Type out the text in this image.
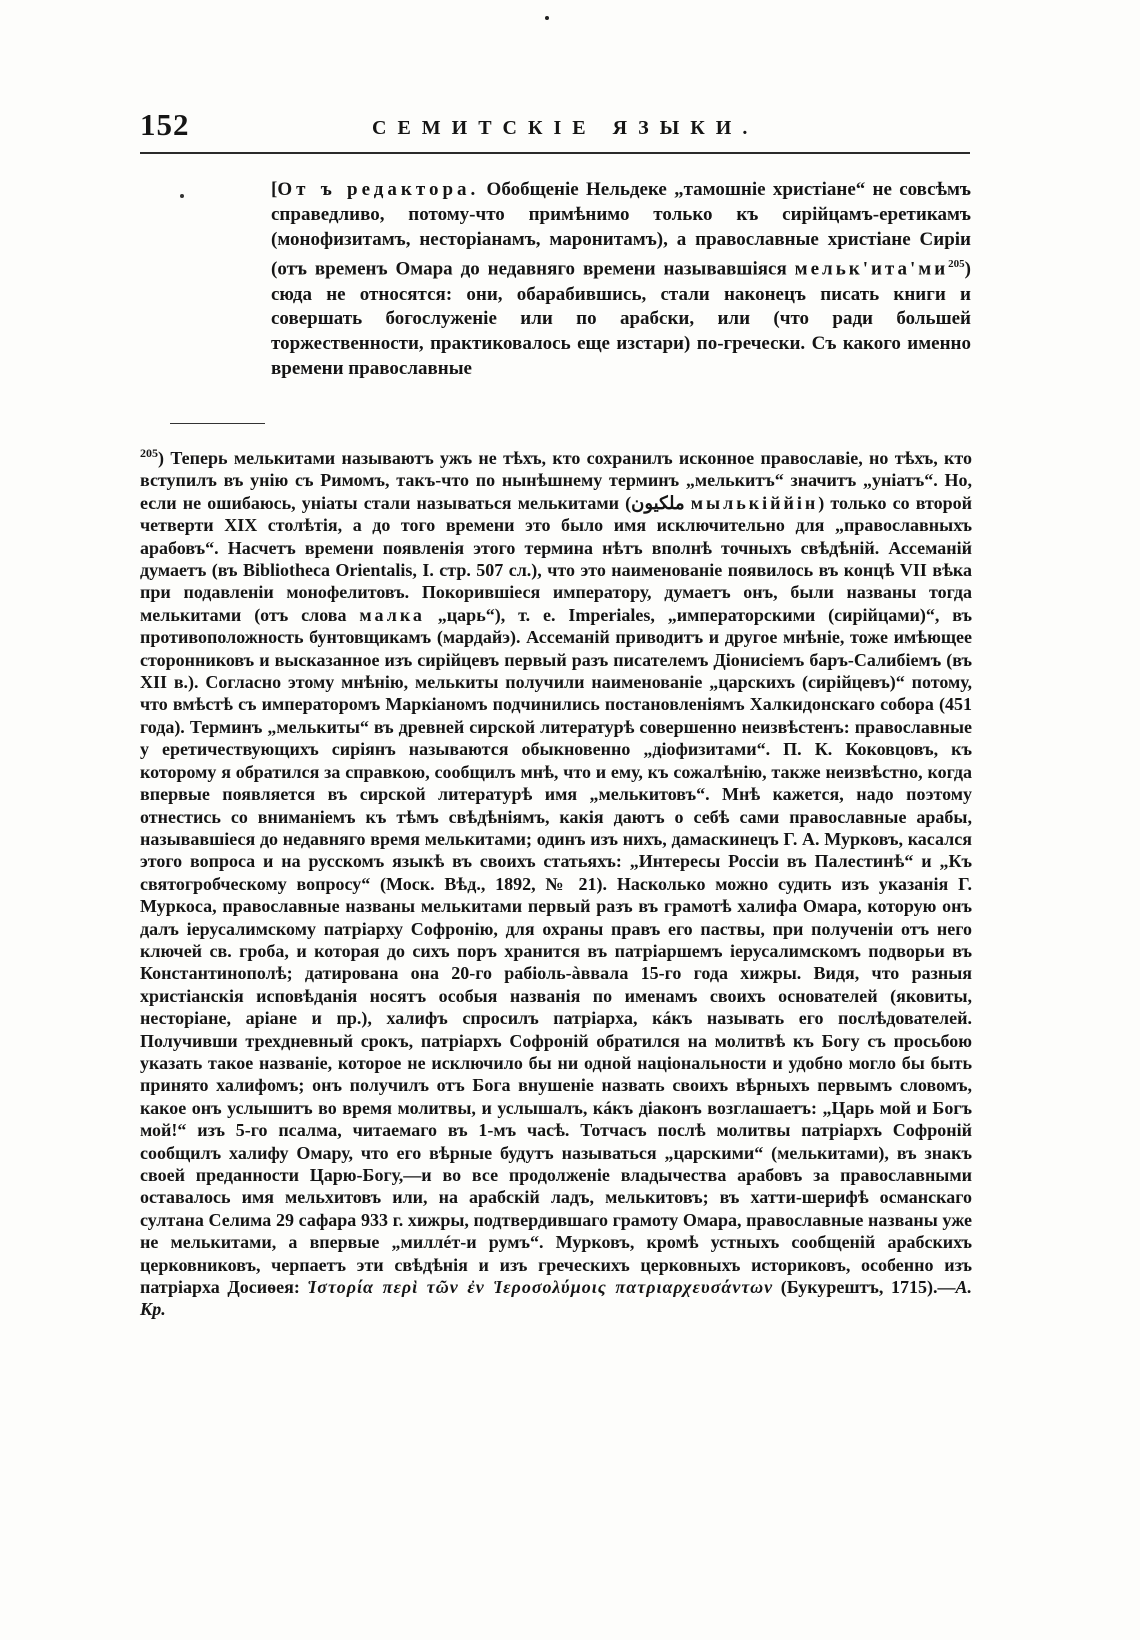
152	СЕМИТСКІЕ ЯЗЫКИ.

[От ъ редактора. Обобщеніе Нельдеке „тамошніе христіане“ не совсѣмъ справедливо, потому-что примѣнимо только къ сирійцамъ-еретикамъ (монофизитамъ, несторіанамъ, маронитамъ), а православные христіане Сиріи (отъ временъ Омара до недавняго времени называвшіяся мельк'ита'ми$^{205}$) сюда не относятся: они, обарабившись, стали наконецъ писать книги и совершать богослуженіе или по арабски, или (что ради большей торжественности, практиковалось еще изстари) по-гречески. Съ какого именно времени православные

$^{205}$) Теперь мелькитами называютъ ужъ не тѣхъ, кто сохранилъ исконное православіе, но тѣхъ, кто вступилъ въ унію съ Римомъ, такъ-что по нынѣшнему терминъ „мелькитъ“ значитъ „уніатъ“. Но, если не ошибаюсь, уніаты стали называться мелькитами (ملكيون мылькіййін) только со второй четверти XIX столѣтія, а до того времени это было имя исключительно для „православныхъ арабовъ“. Насчетъ времени появленія этого термина нѣтъ вполнѣ точныхъ свѣдѣній. Ассеманій думаетъ (въ Bibliotheca Orientalis, I. стр. 507 сл.), что это наименованіе появилось въ концѣ VII вѣка при подавленіи монофелитовъ. Покорившіеся императору, думаетъ онъ, были названы тогда мелькитами (отъ слова малка „царь“), т. е. Imperiales, „императорскими (сирійцами)“, въ противоположность бунтовщикамъ (мардайэ). Ассеманій приводитъ и другое мнѣніе, тоже имѣющее сторонниковъ и высказанное изъ сирійцевъ первый разъ писателемъ Діонисіемъ баръ-Салибіемъ (въ XII в.). Согласно этому мнѣнію, мелькиты получили наименованіе „царскихъ (сирійцевъ)“ потому, что вмѣстѣ съ императоромъ Маркіаномъ подчинились постановленіямъ Халкидонскаго собора (451 года). Терминъ „мелькиты“ въ древней сирской литературѣ совершенно неизвѣстенъ: православные у еретичествующихъ сиріянъ называются обыкновенно „діофизитами“. П. К. Коковцовъ, къ которому я обратился за справкою, сообщилъ мнѣ, что и ему, къ сожалѣнію, также неизвѣстно, когда впервые появляется въ сирской литературѣ имя „мелькитовъ“. Мнѣ кажется, надо поэтому отнестись со вниманіемъ къ тѣмъ свѣдѣніямъ, какія даютъ о себѣ сами православные арабы, называвшіеся до недавняго время мелькитами; одинъ изъ нихъ, дамаскинецъ Г. А. Мурковъ, касался этого вопроса и на русскомъ языкѣ въ своихъ статьяхъ: „Интересы Россіи въ Палестинѣ“ и „Къ святогробческому вопросу“ (Моск. Вѣд., 1892, № 21). Насколько можно судить изъ указанія Г. Муркоса, православные названы мелькитами первый разъ въ грамотѣ халифа Омара, которую онъ далъ іерусалимскому патріарху Софронію, для охраны правъ его паствы, при полученіи отъ него ключей св. гроба, и которая до сихъ поръ хранится въ патріаршемъ іерусалимскомъ подворьи въ Константинополѣ; датирована она 20-го рабіоль-àввала 15-го года хижры. Видя, что разныя христіанскія исповѣданія носятъ особыя названія по именамъ своихъ основателей (яковиты, несторіане, аріане и пр.), халифъ спросилъ патріарха, кáкъ называть его послѣдователей. Получивши трехдневный срокъ, патріархъ Софроній обратился на молитвѣ къ Богу съ просьбою указать такое названіе, которое не исключило бы ни одной національности и удобно могло бы быть принято халифомъ; онъ получилъ отъ Бога внушеніе назвать своихъ вѣрныхъ первымъ словомъ, какое онъ услышитъ во время молитвы, и услышалъ, кáкъ діаконъ возглашаетъ: „Царь мой и Богъ мой!“ изъ 5-го псалма, читаемаго въ 1-мъ часѣ. Тотчасъ послѣ молитвы патріархъ Софроній сообщилъ халифу Омару, что его вѣрные будутъ называться „царскими“ (мелькитами), въ знакъ своей преданности Царю-Богу,—и во все продолженіе владычества арабовъ за православными оставалось имя мельхитовъ или, на арабскій ладъ, мелькитовъ; въ хатти-шерифѣ османскаго султана Селима 29 сафара 933 г. хижры, подтвердившаго грамоту Омара, православные названы уже не мелькитами, а впервые „миллéт-и румъ“. Мурковъ, кромѣ устныхъ сообщеній арабскихъ церковниковъ, черпаетъ эти свѣдѣнія и изъ греческихъ церковныхъ историковъ, особенно изъ патріарха Досиѳея: Ἱστορία περὶ τῶν ἐν Ἱεροσολύμοις πατριαρχευσάντων (Букурештъ, 1715).—А. Кр.
